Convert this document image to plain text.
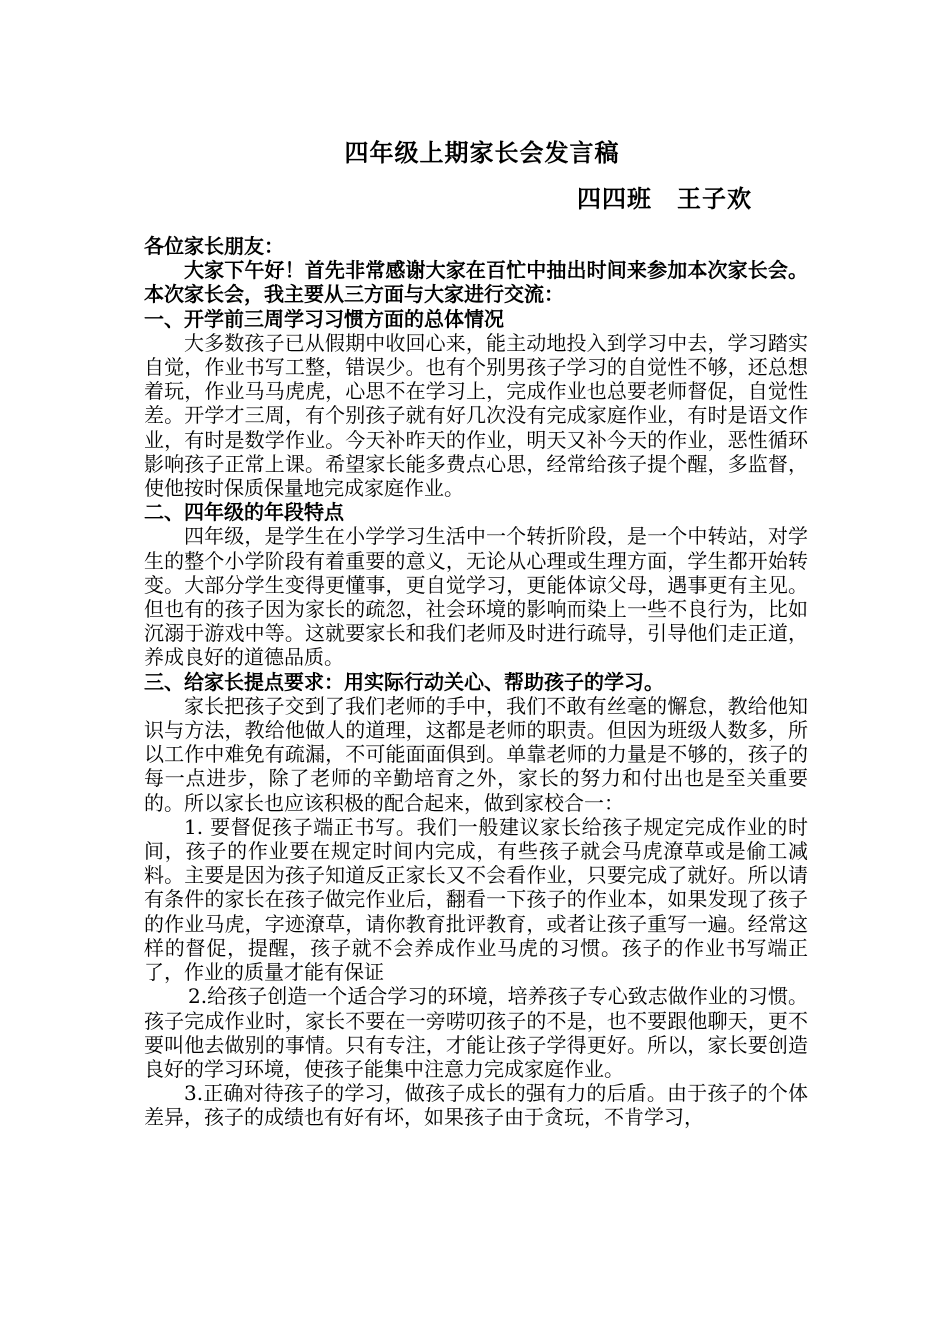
四年级上期家长会发言稿
四四班　王子欢
各位家长朋友：
大家下午好！首先非常感谢大家在百忙中抽出时间来参加本次家长会。本次家长会，我主要从三方面与大家进行交流：
一、开学前三周学习习惯方面的总体情况
大多数孩子已从假期中收回心来，能主动地投入到学习中去，学习踏实自觉，作业书写工整，错误少。也有个别男孩子学习的自觉性不够，还总想着玩，作业马马虎虎，心思不在学习上，完成作业也总要老师督促，自觉性差。开学才三周，有个别孩子就有好几次没有完成家庭作业，有时是语文作业，有时是数学作业。今天补昨天的作业，明天又补今天的作业，恶性循环影响孩子正常上课。希望家长能多费点心思，经常给孩子提个醒，多监督，使他按时保质保量地完成家庭作业。
二、四年级的年段特点
四年级，是学生在小学学习生活中一个转折阶段，是一个中转站，对学生的整个小学阶段有着重要的意义，无论从心理或生理方面，学生都开始转变。大部分学生变得更懂事，更自觉学习，更能体谅父母，遇事更有主见。但也有的孩子因为家长的疏忽，社会环境的影响而染上一些不良行为，比如沉溺于游戏中等。这就要家长和我们老师及时进行疏导，引导他们走正道，养成良好的道德品质。
三、给家长提点要求：用实际行动关心、帮助孩子的学习。
家长把孩子交到了我们老师的手中，我们不敢有丝毫的懈怠，教给他知识与方法，教给他做人的道理，这都是老师的职责。但因为班级人数多，所以工作中难免有疏漏，不可能面面俱到。单靠老师的力量是不够的，孩子的每一点进步，除了老师的辛勤培育之外，家长的努力和付出也是至关重要的。所以家长也应该积极的配合起来，做到家校合一：
1. 要督促孩子端正书写。我们一般建议家长给孩子规定完成作业的时间，孩子的作业要在规定时间内完成，有些孩子就会马虎潦草或是偷工减料。主要是因为孩子知道反正家长又不会看作业，只要完成了就好。所以请有条件的家长在孩子做完作业后，翻看一下孩子的作业本，如果发现了孩子的作业马虎，字迹潦草，请你教育批评教育，或者让孩子重写一遍。经常这样的督促，提醒，孩子就不会养成作业马虎的习惯。孩子的作业书写端正了，作业的质量才能有保证
2.给孩子创造一个适合学习的环境，培养孩子专心致志做作业的习惯。孩子完成作业时，家长不要在一旁唠叨孩子的不是，也不要跟他聊天，更不要叫他去做别的事情。只有专注，才能让孩子学得更好。所以，家长要创造良好的学习环境，使孩子能集中注意力完成家庭作业。
3.正确对待孩子的学习，做孩子成长的强有力的后盾。由于孩子的个体差异，孩子的成绩也有好有坏，如果孩子由于贪玩，不肯学习，
